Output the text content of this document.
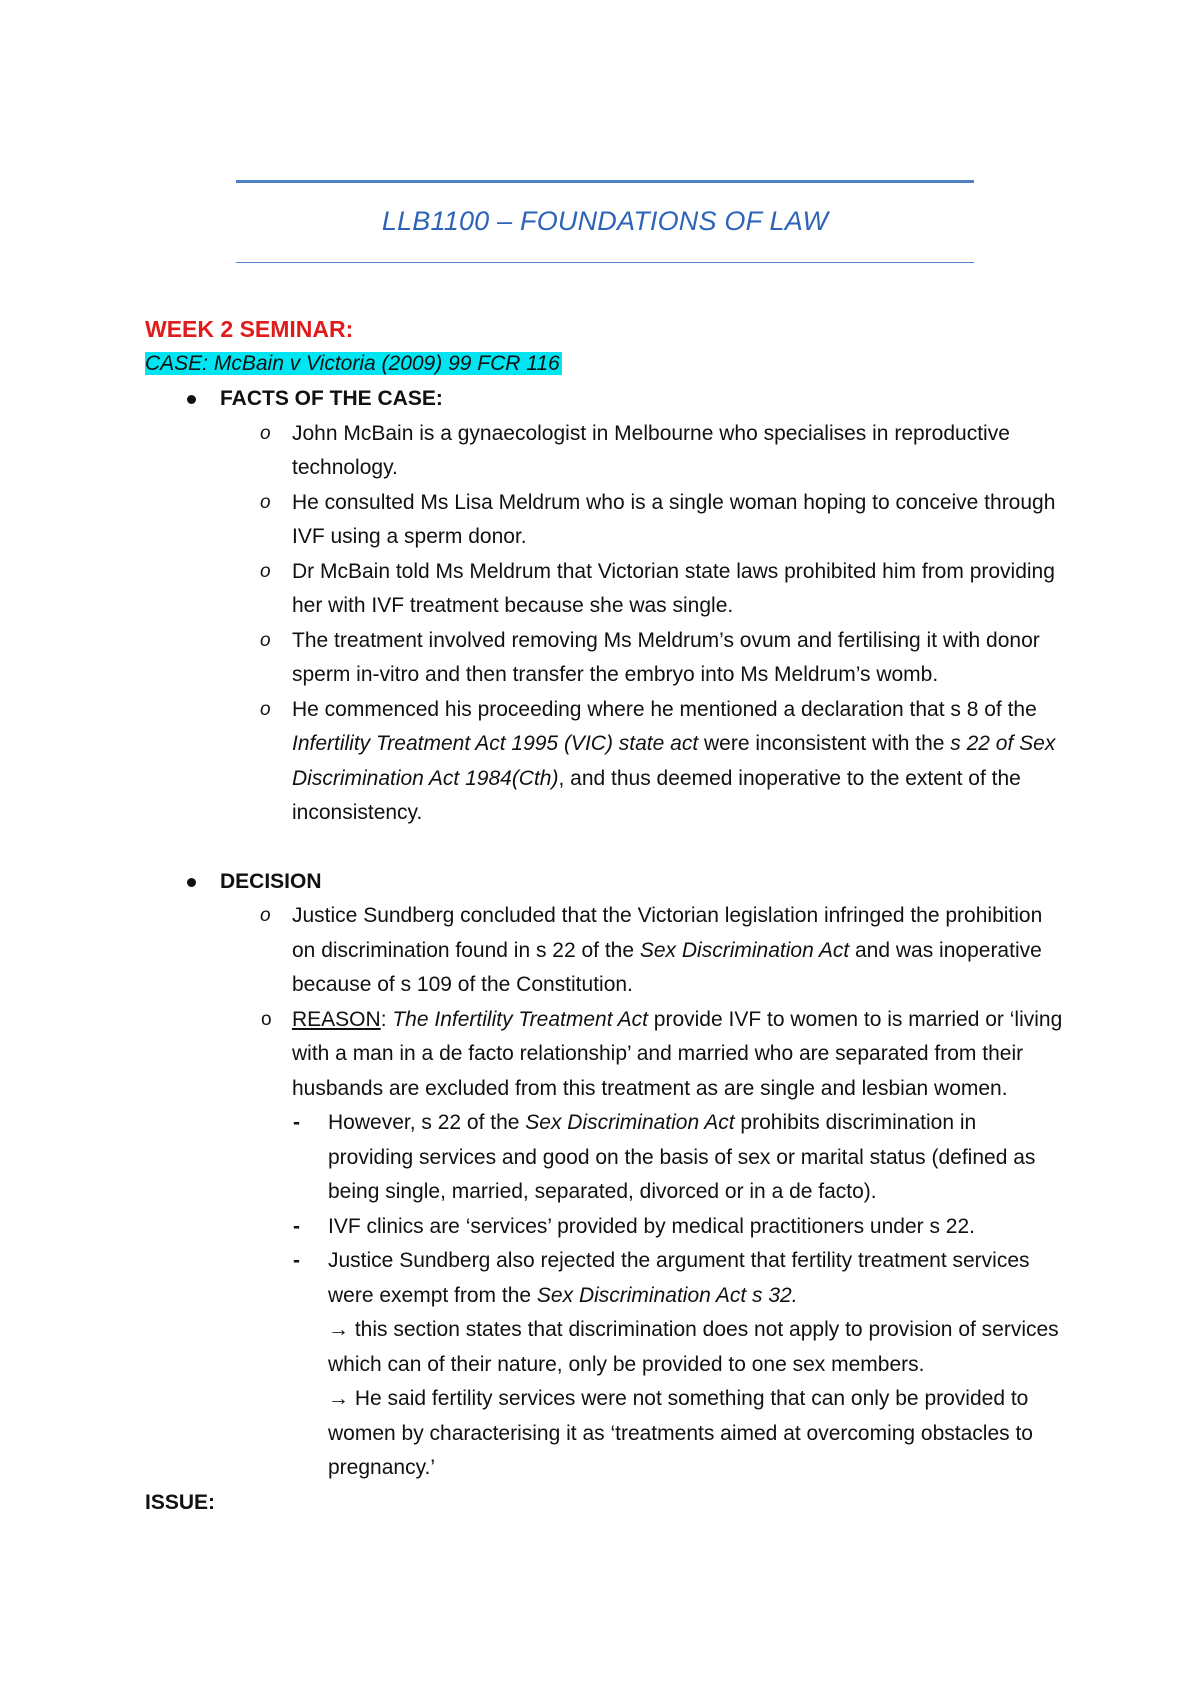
LLB1100 – FOUNDATIONS OF LAW
WEEK 2 SEMINAR:
CASE: McBain v Victoria (2009) 99 FCR 116
FACTS OF THE CASE:
o John McBain is a gynaecologist in Melbourne who specialises in reproductive technology.
o He consulted Ms Lisa Meldrum who is a single woman hoping to conceive through IVF using a sperm donor.
o Dr McBain told Ms Meldrum that Victorian state laws prohibited him from providing her with IVF treatment because she was single.
o The treatment involved removing Ms Meldrum’s ovum and fertilising it with donor sperm in-vitro and then transfer the embryo into Ms Meldrum’s womb.
o He commenced his proceeding where he mentioned a declaration that s 8 of the Infertility Treatment Act 1995 (VIC) state act were inconsistent with the s 22 of Sex Discrimination Act 1984(Cth), and thus deemed inoperative to the extent of the inconsistency.
DECISION
o Justice Sundberg concluded that the Victorian legislation infringed the prohibition on discrimination found in s 22 of the Sex Discrimination Act and was inoperative because of s 109 of the Constitution.
o REASON: The Infertility Treatment Act provide IVF to women to is married or ‘living with a man in a de facto relationship’ and married who are separated from their husbands are excluded from this treatment as are single and lesbian women.
- However, s 22 of the Sex Discrimination Act prohibits discrimination in providing services and good on the basis of sex or marital status (defined as being single, married, separated, divorced or in a de facto).
- IVF clinics are ‘services’ provided by medical practitioners under s 22.
- Justice Sundberg also rejected the argument that fertility treatment services were exempt from the Sex Discrimination Act s 32.
→ this section states that discrimination does not apply to provision of services which can of their nature, only be provided to one sex members.
→ He said fertility services were not something that can only be provided to women by characterising it as ‘treatments aimed at overcoming obstacles to pregnancy.’
ISSUE:
